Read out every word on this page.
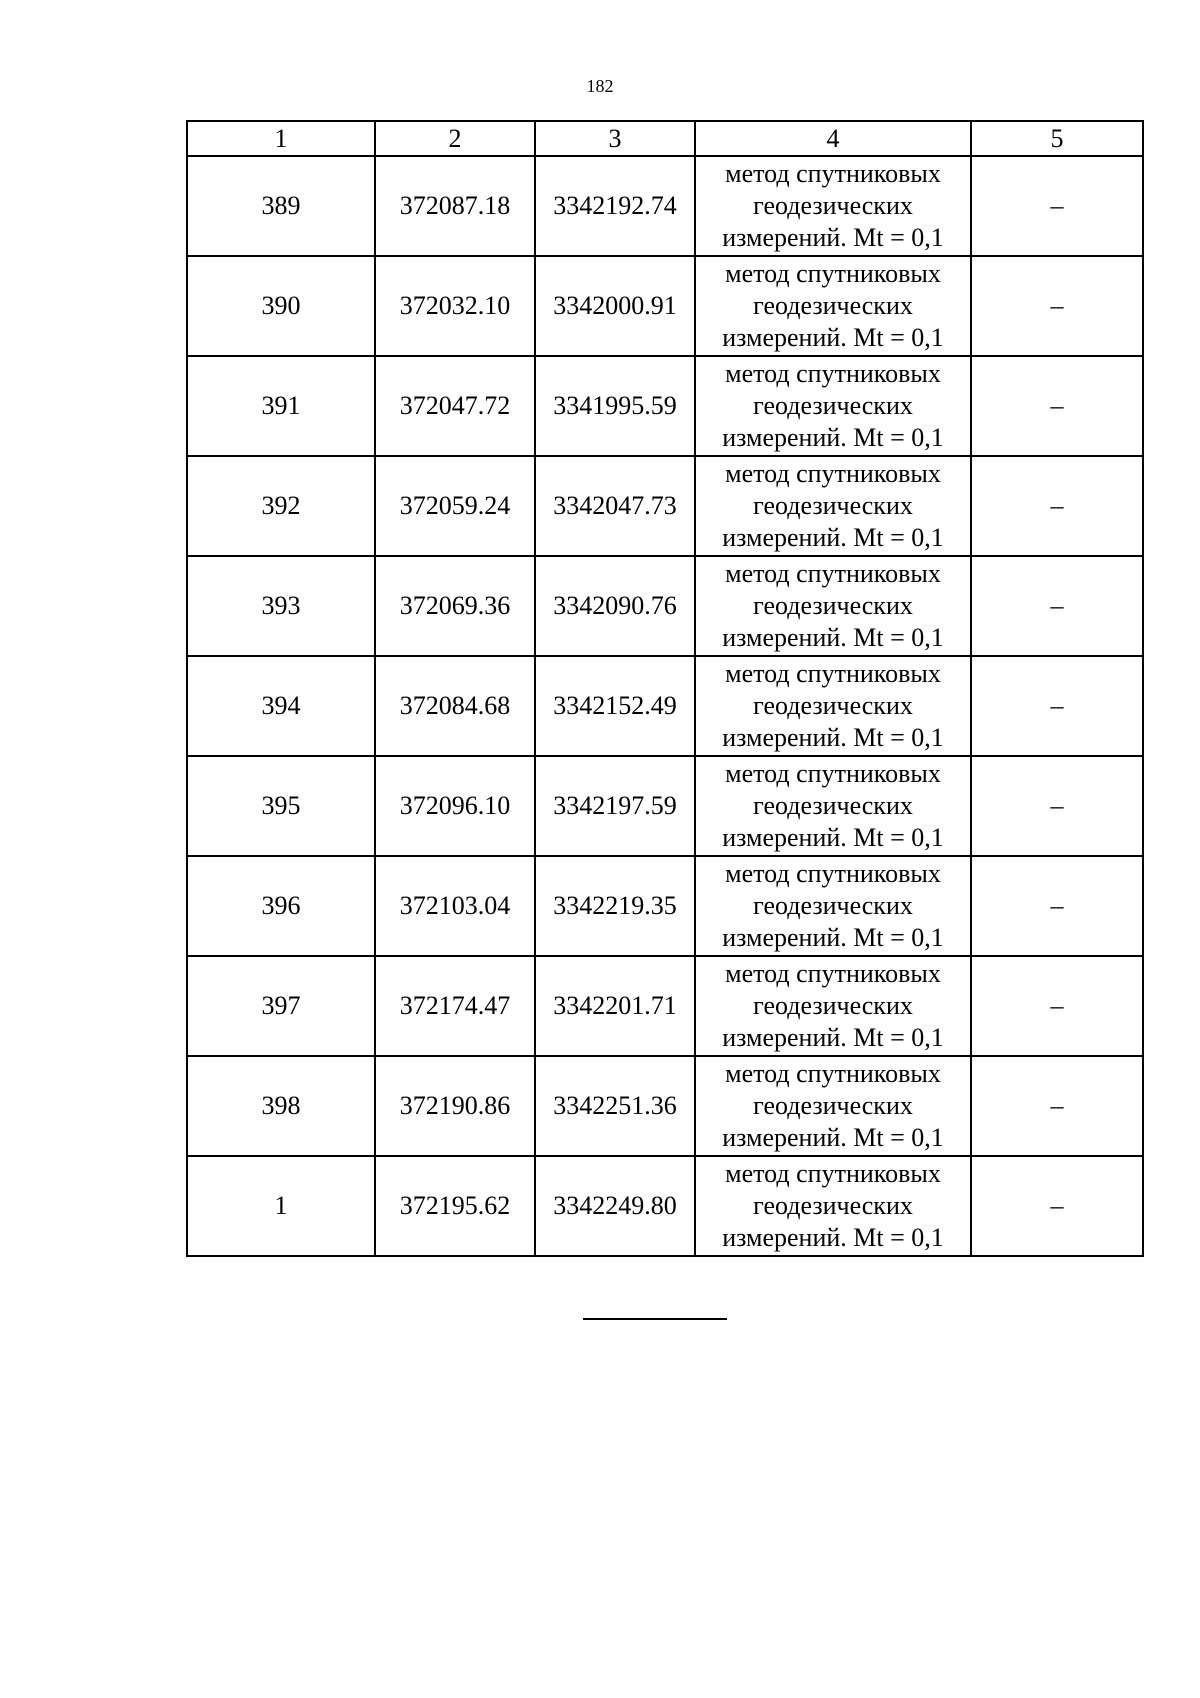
182
1	2	3	4	5
389	372087.18	3342192.74	метод спутниковых геодезических измерений. Mt = 0,1	–
390	372032.10	3342000.91	метод спутниковых геодезических измерений. Mt = 0,1	–
391	372047.72	3341995.59	метод спутниковых геодезических измерений. Mt = 0,1	–
392	372059.24	3342047.73	метод спутниковых геодезических измерений. Mt = 0,1	–
393	372069.36	3342090.76	метод спутниковых геодезических измерений. Mt = 0,1	–
394	372084.68	3342152.49	метод спутниковых геодезических измерений. Mt = 0,1	–
395	372096.10	3342197.59	метод спутниковых геодезических измерений. Mt = 0,1	–
396	372103.04	3342219.35	метод спутниковых геодезических измерений. Mt = 0,1	–
397	372174.47	3342201.71	метод спутниковых геодезических измерений. Mt = 0,1	–
398	372190.86	3342251.36	метод спутниковых геодезических измерений. Mt = 0,1	–
1	372195.62	3342249.80	метод спутниковых геодезических измерений. Mt = 0,1	–
